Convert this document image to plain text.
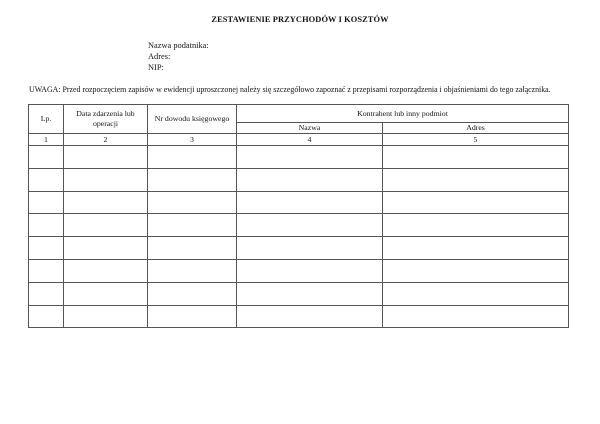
ZESTAWIENIE PRZYCHODÓW I KOSZTÓW
Nazwa podatnika:
Adres:
NIP:
UWAGA: Przed rozpoczęciem zapisów w ewidencji uproszczonej należy się szczegółowo zapoznać z przepisami rozporządzenia i objaśnieniami do tego załącznika.
Lp.	Data zdarzenia lub operacji	Nr dowodu księgowego	Kontrahent lub inny podmiot	
			Nazwa	Adres
1	2	3	4	5
